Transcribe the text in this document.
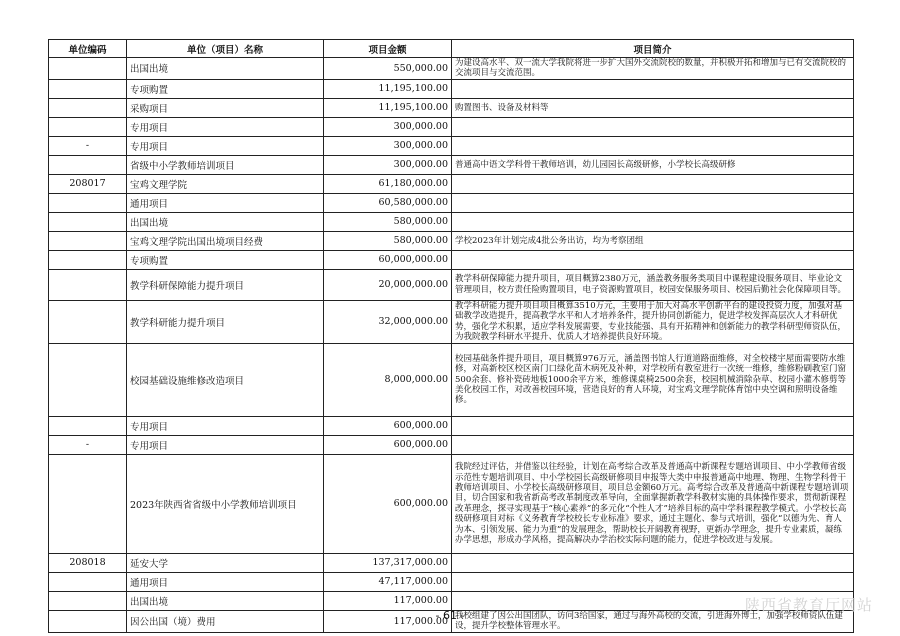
单位编码	单位（项目）名称	项目金额	项目简介
	出国出境	550,000.00	为建设高水平、双一流大学我院将进一步扩大国外交流院校的数量，并积极开拓和增加与已有交流院校的交流项目与交流范围。
	专项购置	11,195,100.00	
	采购项目	11,195,100.00	购置图书、设备及材料等
	专用项目	300,000.00	
-	专用项目	300,000.00	
	省级中小学教师培训项目	300,000.00	普通高中语文学科骨干教师培训，幼儿园园长高级研修，小学校长高级研修
208017	宝鸡文理学院	61,180,000.00	
	通用项目	60,580,000.00	
	出国出境	580,000.00	
	宝鸡文理学院出国出境项目经费	580,000.00	学校2023年计划完成4批公务出访，均为考察团组
	专项购置	60,000,000.00	
	教学科研保障能力提升项目	20,000,000.00	教学科研保障能力提升项目，项目概算2380万元，涵盖教务服务类项目中课程建设服务项目、毕业论文管理项目，校方责任险购置项目，电子资源购置项目，校园安保服务项目、校园后勤社会化保障项目等。
	教学科研能力提升项目	32,000,000.00	教学科研能力提升项目项目概算3510万元，主要用于加大对高水平创新平台的建设投资力度，加强对基础教学改造提升，提高教学水平和人才培养条件，提升协同创新能力，促进学校发挥高层次人才科研优势，强化学术积累，适应学科发展需要，专业技能强、具有开拓精神和创新能力的教学科研型师资队伍，为我院教学科研水平提升、优质人才培养提供良好环境。
	校园基础设施维修改造项目	8,000,000.00	校园基础条件提升项目，项目概算976万元，涵盖图书馆人行道道路面维修，对全校楼宇屋面需要防水维修，对高新校区校区南门口绿化苗木病死及补种，对学校所有教室进行一次统一维修，维修粉刷教室门窗500余套、修补瓷砖地板1000余平方米，维修课桌椅2500余套，校园机械消除杂草、校园小灌木修剪等美化校园工作，对改善校园环境，营造良好的育人环境，对宝鸡文理学院体育馆中央空调和照明设备维修。
	专用项目	600,000.00	
-	专用项目	600,000.00	
	2023年陕西省省级中小学教师培训项目	600,000.00	我院经过评估，并借鉴以往经验，计划在高考综合改革及普通高中新课程专题培训项目、中小学教师省级示范性专题培训项目、中小学校园长高级研修项目申报等大类中申报普通高中地理、物理、生物学科骨干教师培训项目、小学校长高级研修项目，项目总金额60万元。高考综合改革及普通高中新课程专题培训项目，切合国家和我省新高考改革制度改革导向，全面掌握新教学科教材实施的具体操作要求，贯彻新课程改革理念，探寻实现基于“核心素养”的多元化“个性人才”培养目标的高中学科课程教学模式。小学校长高级研修项目对标《义务教育学校校长专业标准》要求，通过主题化、参与式培训，强化“以德为先、育人为本、引领发展、能力为重”的发展理念，帮助校长开阔教育视野，更新办学理念，提升专业素质，凝练办学思想，形成办学风格，提高解决办学治校实际问题的能力，促进学校改进与发展。
208018	延安大学	137,317,000.00	
	通用项目	47,117,000.00	
	出国出境	117,000.00	
	因公出国（境）费用	117,000.00	我校组建了因公出国团队，访问3给国家，通过与海外高校的交流，引进海外博士，加强学校师资队伍建设，提升学校整体管理水平。
- 61 -
陕西省教育厅网站
